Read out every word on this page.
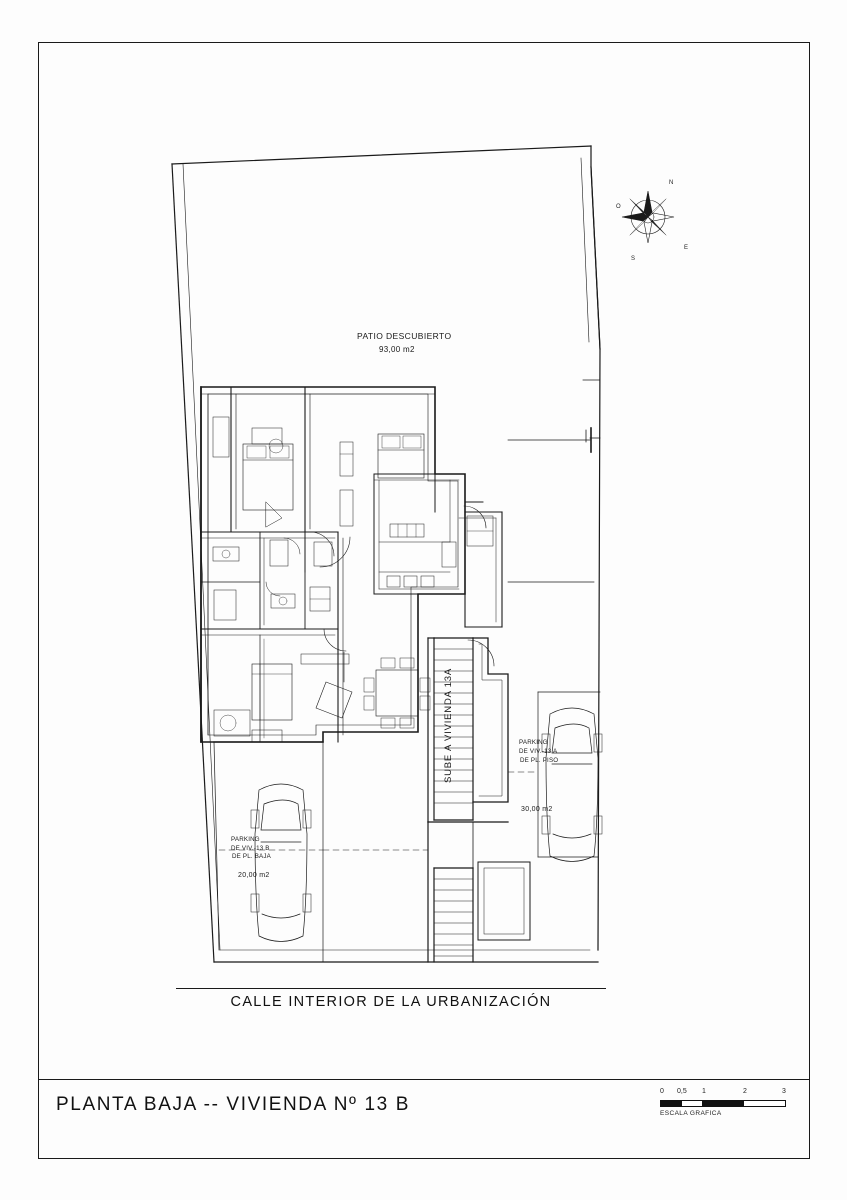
N
S
E
O
PATIO DESCUBIERTO
93,00 m2
PARKING
DE VIV.-13 B
DE PL. BAJA
20,00 m2
PARKING
DE VIV.-13 A
DE PL. PISO
30,00 m2
SUBE A VIVIENDA 13A
CALLE INTERIOR DE LA URBANIZACIÓN
PLANTA BAJA -- VIVIENDA Nº 13 B
0 0,5 1	2	3
ESCALA GRAFICA
